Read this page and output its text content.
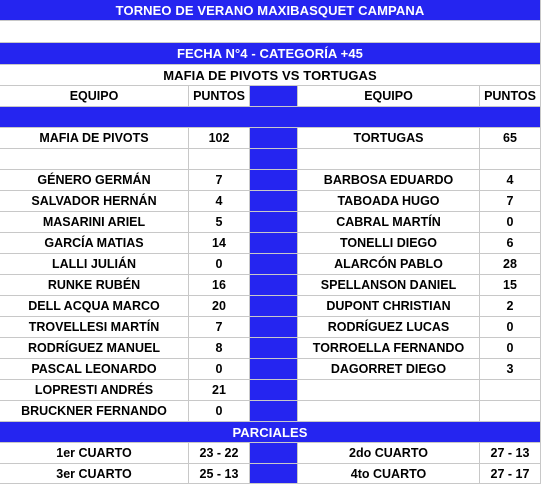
TORNEO DE VERANO MAXIBASQUET CAMPANA
FECHA N°4 - CATEGORÍA +45
MAFIA DE PIVOTS VS TORTUGAS
EQUIPO	PUNTOS	EQUIPO	PUNTOS
MAFIA DE PIVOTS	102	TORTUGAS	65
GÉNERO GERMÁN	7	BARBOSA EDUARDO	4
SALVADOR HERNÁN	4	TABOADA HUGO	7
MASARINI ARIEL	5	CABRAL MARTÍN	0
GARCÍA MATIAS	14	TONELLI DIEGO	6
LALLI JULIÁN	0	ALARCÓN PABLO	28
RUNKE RUBÉN	16	SPELLANSON DANIEL	15
DELL ACQUA MARCO	20	DUPONT CHRISTIAN	2
TROVELLESI MARTÍN	7	RODRÍGUEZ LUCAS	0
RODRÍGUEZ MANUEL	8	TORROELLA FERNANDO	0
PASCAL LEONARDO	0	DAGORRET DIEGO	3
LOPRESTI ANDRÉS	21
BRUCKNER FERNANDO	0
PARCIALES
1er CUARTO	23 - 22	2do CUARTO	27 - 13
3er CUARTO	25 - 13	4to CUARTO	27 - 17
